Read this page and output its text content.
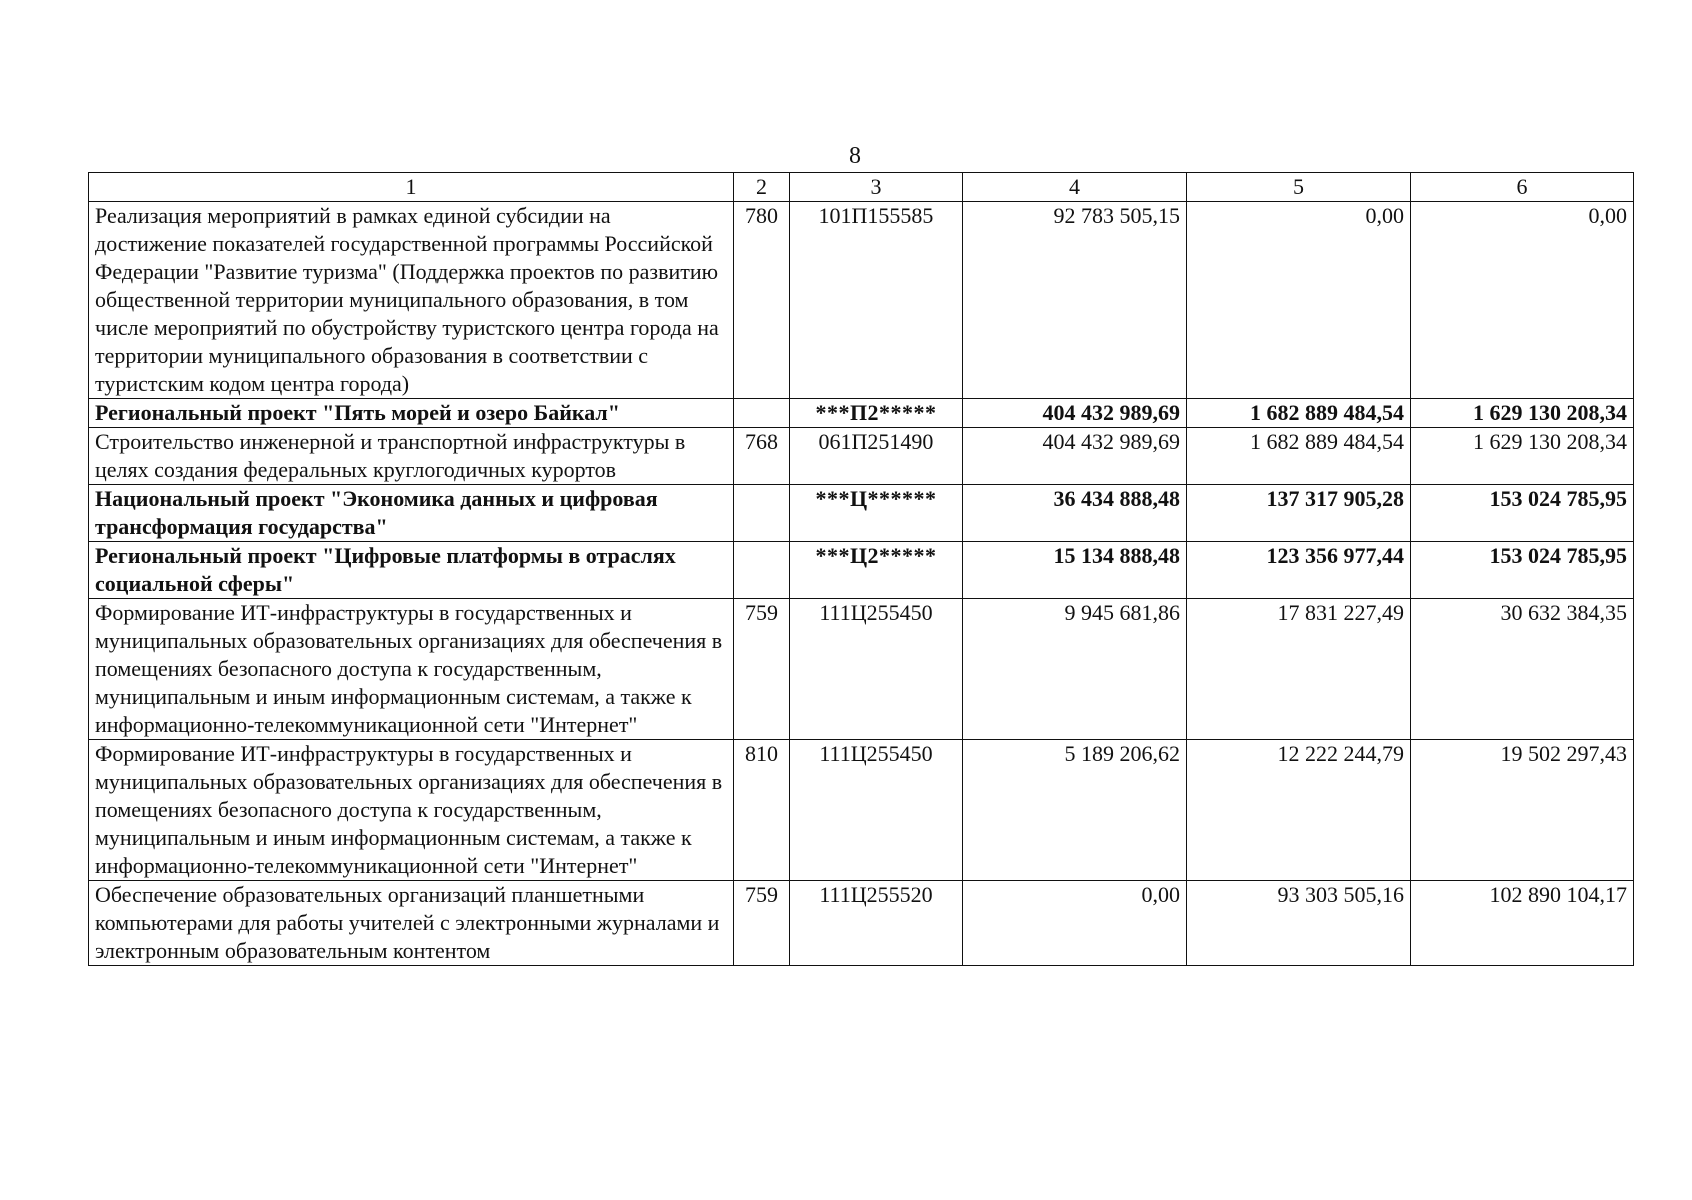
8
1	2	3	4	5	6
Реализация мероприятий в рамках единой субсидии на достижение показателей государственной программы Российской Федерации "Развитие туризма" (Поддержка проектов по развитию общественной территории муниципального образования, в том числе мероприятий по обустройству туристского центра города на территории муниципального образования в соответствии с туристским кодом центра города)	780	101П155585	92 783 505,15	0,00	0,00
Региональный проект "Пять морей и озеро Байкал"		***П2*****	404 432 989,69	1 682 889 484,54	1 629 130 208,34
Строительство инженерной и транспортной инфраструктуры в целях создания федеральных круглогодичных курортов	768	061П251490	404 432 989,69	1 682 889 484,54	1 629 130 208,34
Национальный проект "Экономика данных и цифровая трансформация государства"		***Ц******	36 434 888,48	137 317 905,28	153 024 785,95
Региональный проект "Цифровые платформы в отраслях социальной сферы"		***Ц2*****	15 134 888,48	123 356 977,44	153 024 785,95
Формирование ИТ-инфраструктуры в государственных и муниципальных образовательных организациях для обеспечения в помещениях безопасного доступа к государственным, муниципальным и иным информационным системам, а также к информационно-телекоммуникационной сети "Интернет"	759	111Ц255450	9 945 681,86	17 831 227,49	30 632 384,35
Формирование ИТ-инфраструктуры в государственных и муниципальных образовательных организациях для обеспечения в помещениях безопасного доступа к государственным, муниципальным и иным информационным системам, а также к информационно-телекоммуникационной сети "Интернет"	810	111Ц255450	5 189 206,62	12 222 244,79	19 502 297,43
Обеспечение образовательных организаций планшетными компьютерами для работы учителей с электронными журналами и электронным образовательным контентом	759	111Ц255520	0,00	93 303 505,16	102 890 104,17
